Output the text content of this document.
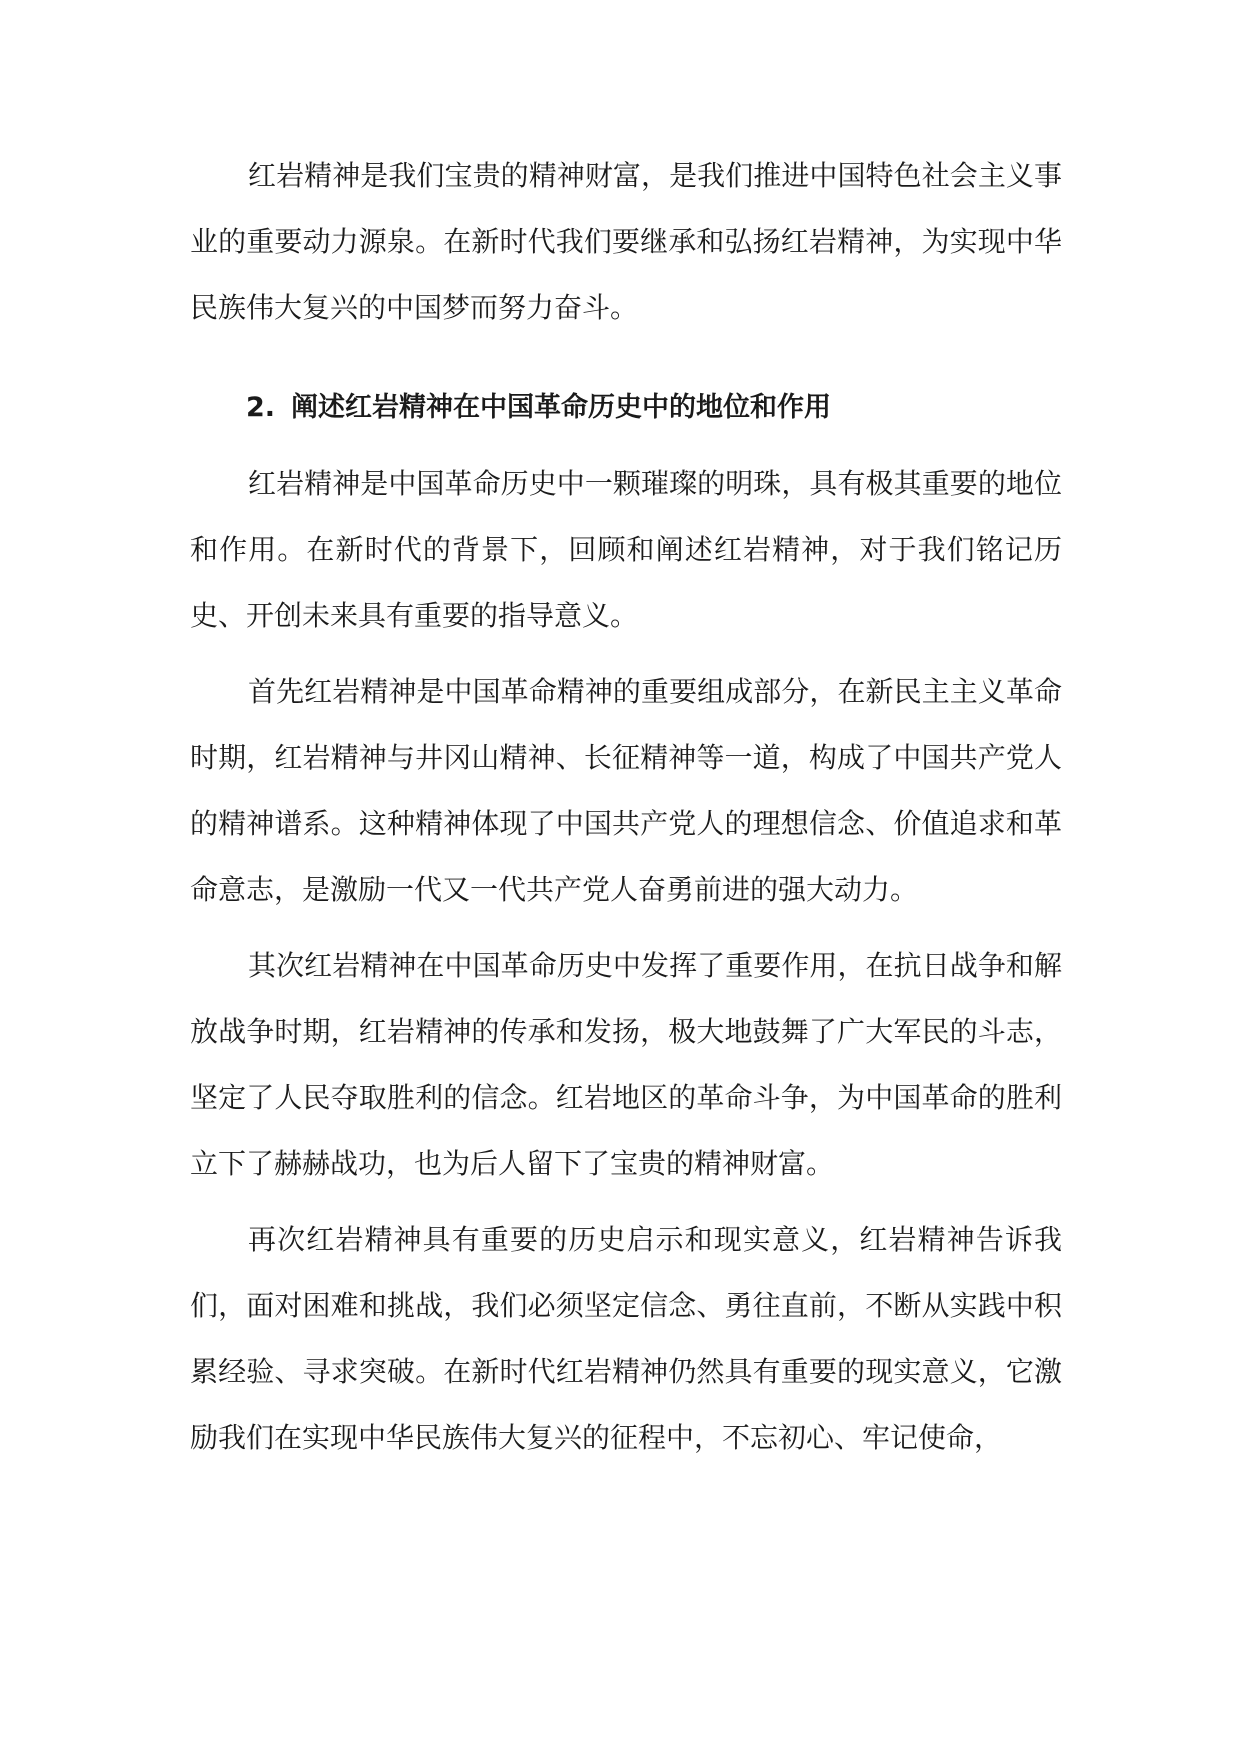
红岩精神是我们宝贵的精神财富，是我们推进中国特色社会主义事业的重要动力源泉。在新时代我们要继承和弘扬红岩精神，为实现中华民族伟大复兴的中国梦而努力奋斗。

2. 阐述红岩精神在中国革命历史中的地位和作用

红岩精神是中国革命历史中一颗璀璨的明珠，具有极其重要的地位和作用。在新时代的背景下，回顾和阐述红岩精神，对于我们铭记历史、开创未来具有重要的指导意义。

首先红岩精神是中国革命精神的重要组成部分，在新民主主义革命时期，红岩精神与井冈山精神、长征精神等一道，构成了中国共产党人的精神谱系。这种精神体现了中国共产党人的理想信念、价值追求和革命意志，是激励一代又一代共产党人奋勇前进的强大动力。

其次红岩精神在中国革命历史中发挥了重要作用，在抗日战争和解放战争时期，红岩精神的传承和发扬，极大地鼓舞了广大军民的斗志，坚定了人民夺取胜利的信念。红岩地区的革命斗争，为中国革命的胜利立下了赫赫战功，也为后人留下了宝贵的精神财富。

再次红岩精神具有重要的历史启示和现实意义，红岩精神告诉我们，面对困难和挑战，我们必须坚定信念、勇往直前，不断从实践中积累经验、寻求突破。在新时代红岩精神仍然具有重要的现实意义，它激励我们在实现中华民族伟大复兴的征程中，不忘初心、牢记使命，
